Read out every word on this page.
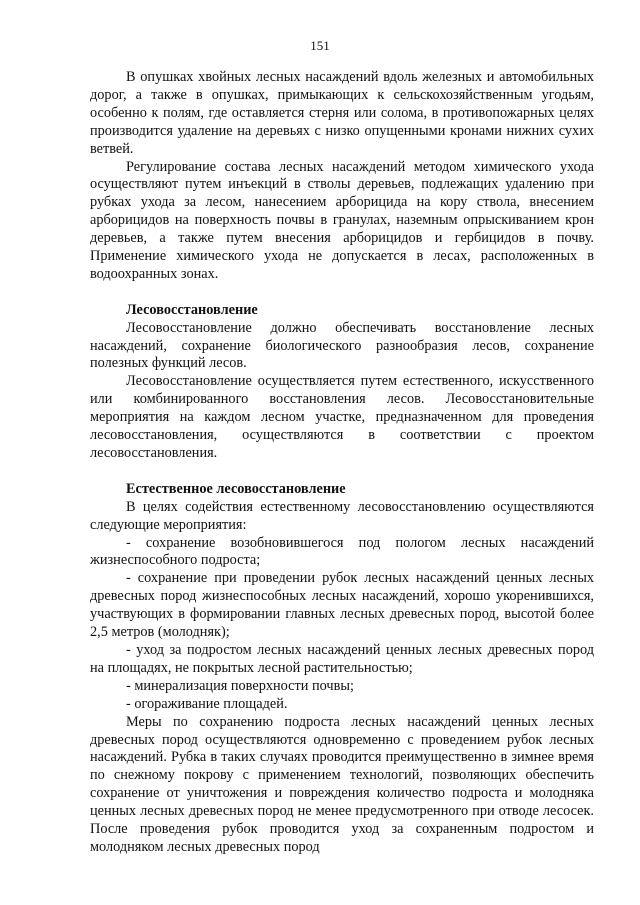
151

В опушках хвойных лесных насаждений вдоль железных и автомобильных дорог, а также в опушках, примыкающих к сельскохозяйственным угодьям, особенно к полям, где оставляется стерня или солома, в противопожарных целях производится удаление на деревьях с низко опущенными кронами нижних сухих ветвей.

Регулирование состава лесных насаждений методом химического ухода осуществляют путем инъекций в стволы деревьев, подлежащих удалению при рубках ухода за лесом, нанесением арборицида на кору ствола, внесением арборицидов на поверхность почвы в гранулах, наземным опрыскиванием крон деревьев, а также путем внесения арборицидов и гербицидов в почву. Применение химического ухода не допускается в лесах, расположенных в водоохранных зонах.

Лесовосстановление

Лесовосстановление должно обеспечивать восстановление лесных насаждений, сохранение биологического разнообразия лесов, сохранение полезных функций лесов.

Лесовосстановление осуществляется путем естественного, искусственного или комбинированного восстановления лесов. Лесовосстановительные мероприятия на каждом лесном участке, предназначенном для проведения лесовосстановления, осуществляются в соответствии с проектом лесовосстановления.

Естественное лесовосстановление

В целях содействия естественному лесовосстановлению осуществляются следующие мероприятия:

- сохранение возобновившегося под пологом лесных насаждений жизнеспособного подроста;

- сохранение при проведении рубок лесных насаждений ценных лесных древесных пород жизнеспособных лесных насаждений, хорошо укоренившихся, участвующих в формировании главных лесных древесных пород, высотой более 2,5 метров (молодняк);

- уход за подростом лесных насаждений ценных лесных древесных пород на площадях, не покрытых лесной растительностью;

- минерализация поверхности почвы;

- огораживание площадей.

Меры по сохранению подроста лесных насаждений ценных лесных древесных пород осуществляются одновременно с проведением рубок лесных насаждений. Рубка в таких случаях проводится преимущественно в зимнее время по снежному покрову с применением технологий, позволяющих обеспечить сохранение от уничтожения и повреждения количество подроста и молодняка ценных лесных древесных пород не менее предусмотренного при отводе лесосек. После проведения рубок проводится уход за сохраненным подростом и молодняком лесных древесных пород
